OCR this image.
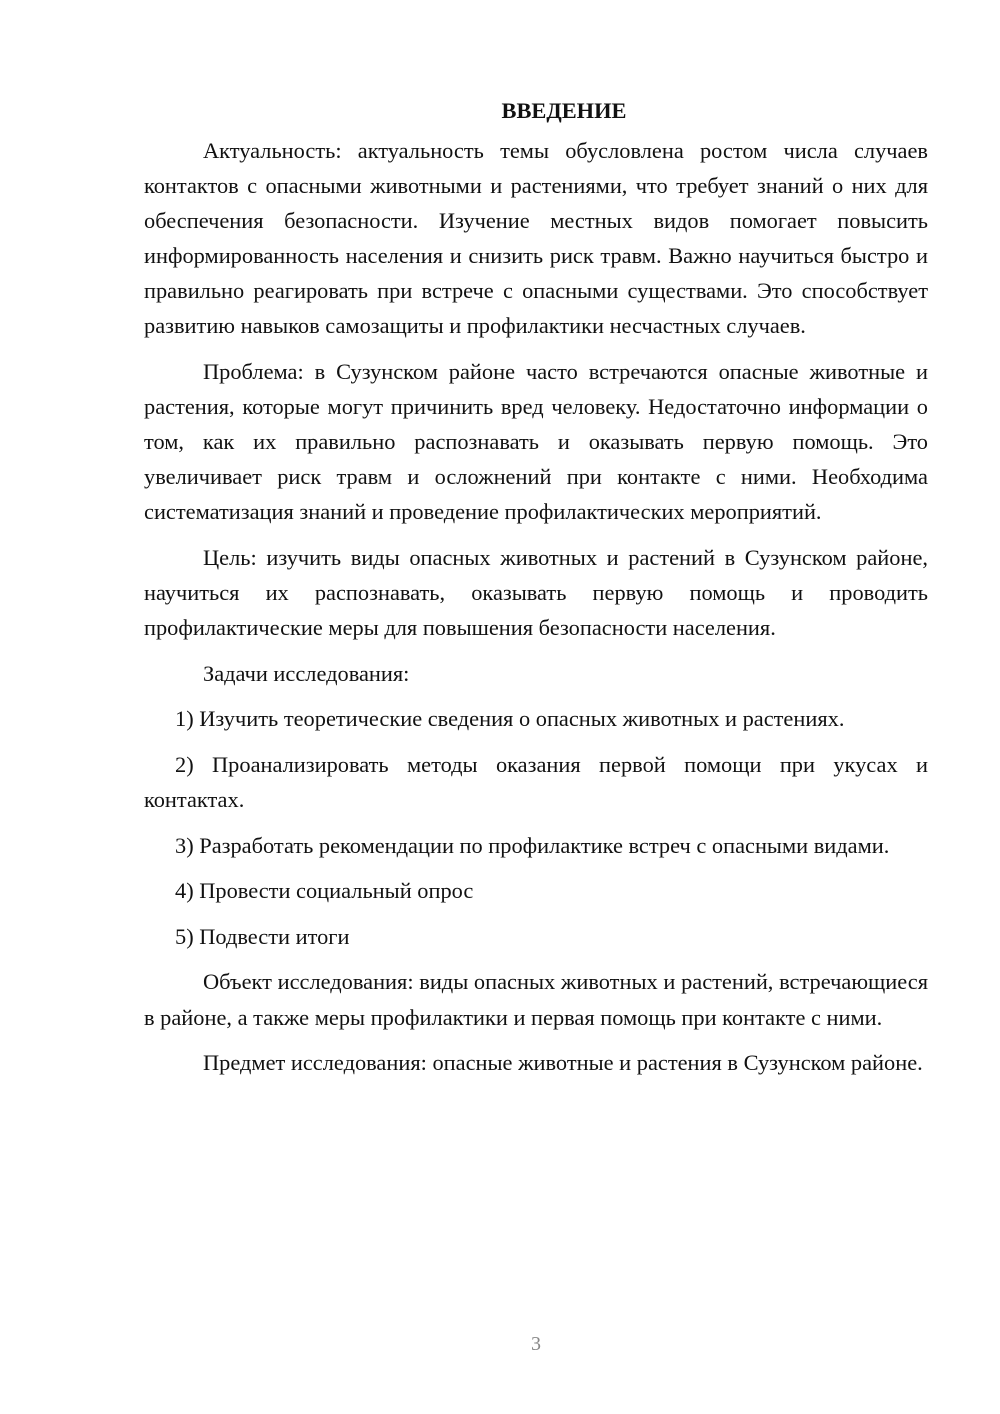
ВВЕДЕНИЕ

Актуальность: актуальность темы обусловлена ростом числа случаев контактов с опасными животными и растениями, что требует знаний о них для обеспечения безопасности. Изучение местных видов помогает повысить информированность населения и снизить риск травм. Важно научиться быстро и правильно реагировать при встрече с опасными существами. Это способствует развитию навыков самозащиты и профилактики несчастных случаев.

Проблема: в Сузунском районе часто встречаются опасные животные и растения, которые могут причинить вред человеку. Недостаточно информации о том, как их правильно распознавать и оказывать первую помощь. Это увеличивает риск травм и осложнений при контакте с ними. Необходима систематизация знаний и проведение профилактических мероприятий.

Цель: изучить виды опасных животных и растений в Сузунском районе, научиться их распознавать, оказывать первую помощь и проводить профилактические меры для повышения безопасности населения.

Задачи исследования:

1) Изучить теоретические сведения о опасных животных и растениях.

2) Проанализировать методы оказания первой помощи при укусах и контактах.

3) Разработать рекомендации по профилактике встреч с опасными видами.

4) Провести социальный опрос

5) Подвести итоги

Объект исследования: виды опасных животных и растений, встречающиеся в районе, а также меры профилактики и первая помощь при контакте с ними.

Предмет исследования: опасные животные и растения в Сузунском районе.

3
